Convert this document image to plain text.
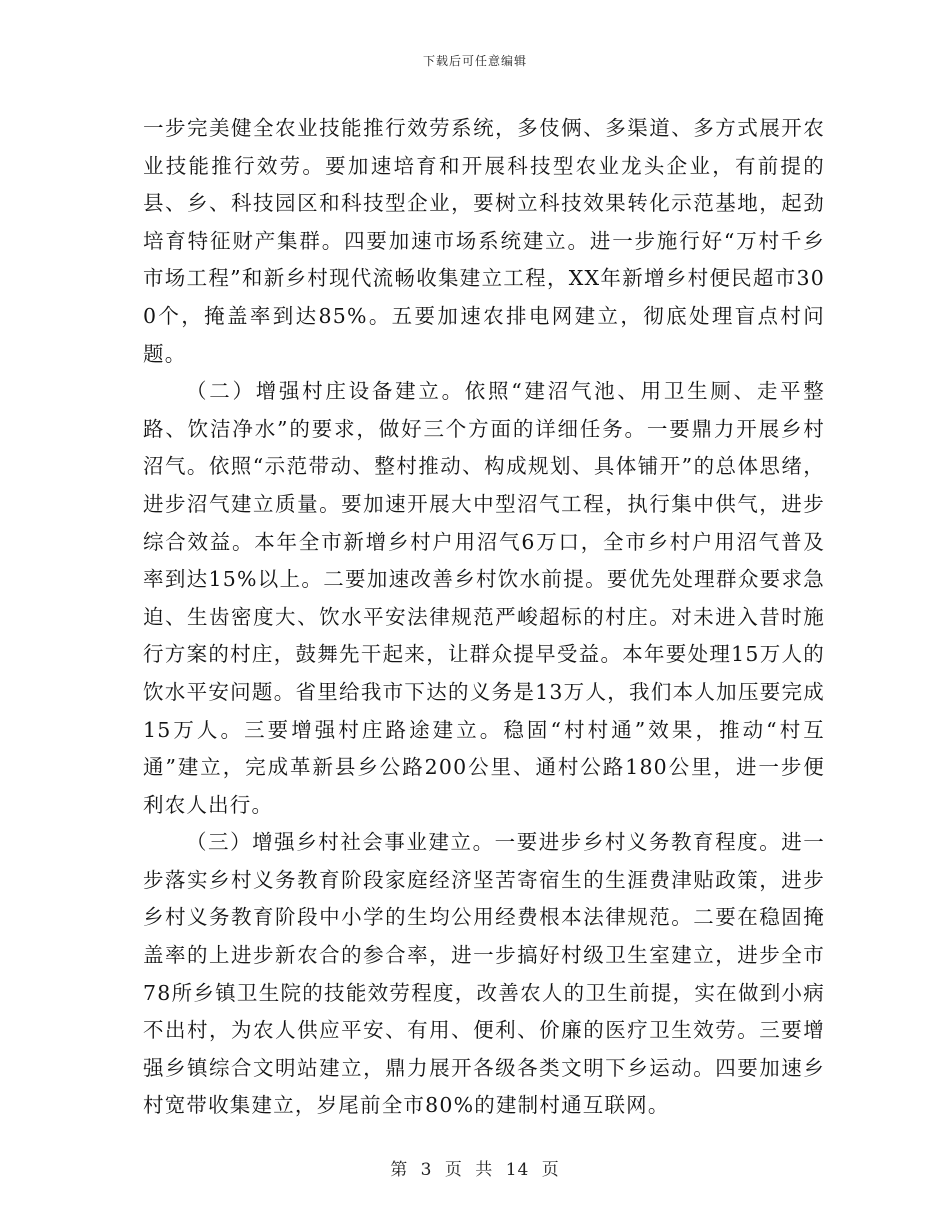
下载后可任意编辑

一步完美健全农业技能推行效劳系统，多伎俩、多渠道、多方式展开农业技能推行效劳。要加速培育和开展科技型农业龙头企业，有前提的县、乡、科技园区和科技型企业，要树立科技效果转化示范基地，起劲培育特征财产集群。四要加速市场系统建立。进一步施行好“万村千乡市场工程”和新乡村现代流畅收集建立工程，XX年新增乡村便民超市300个，掩盖率到达85%。五要加速农排电网建立，彻底处理盲点村问题。

（二）增强村庄设备建立。依照“建沼气池、用卫生厕、走平整路、饮洁净水”的要求，做好三个方面的详细任务。一要鼎力开展乡村沼气。依照“示范带动、整村推动、构成规划、具体铺开”的总体思绪，进步沼气建立质量。要加速开展大中型沼气工程，执行集中供气，进步综合效益。本年全市新增乡村户用沼气6万口，全市乡村户用沼气普及率到达15%以上。二要加速改善乡村饮水前提。要优先处理群众要求急迫、生齿密度大、饮水平安法律规范严峻超标的村庄。对未进入昔时施行方案的村庄，鼓舞先干起来，让群众提早受益。本年要处理15万人的饮水平安问题。省里给我市下达的义务是13万人，我们本人加压要完成15万人。三要增强村庄路途建立。稳固“村村通”效果，推动“村互通”建立，完成革新县乡公路200公里、通村公路180公里，进一步便利农人出行。

（三）增强乡村社会事业建立。一要进步乡村义务教育程度。进一步落实乡村义务教育阶段家庭经济坚苦寄宿生的生涯费津贴政策，进步乡村义务教育阶段中小学的生均公用经费根本法律规范。二要在稳固掩盖率的上进步新农合的参合率，进一步搞好村级卫生室建立，进步全市78所乡镇卫生院的技能效劳程度，改善农人的卫生前提，实在做到小病不出村，为农人供应平安、有用、便利、价廉的医疗卫生效劳。三要增强乡镇综合文明站建立，鼎力展开各级各类文明下乡运动。四要加速乡村宽带收集建立，岁尾前全市80%的建制村通互联网。

第 3 页 共 14 页
